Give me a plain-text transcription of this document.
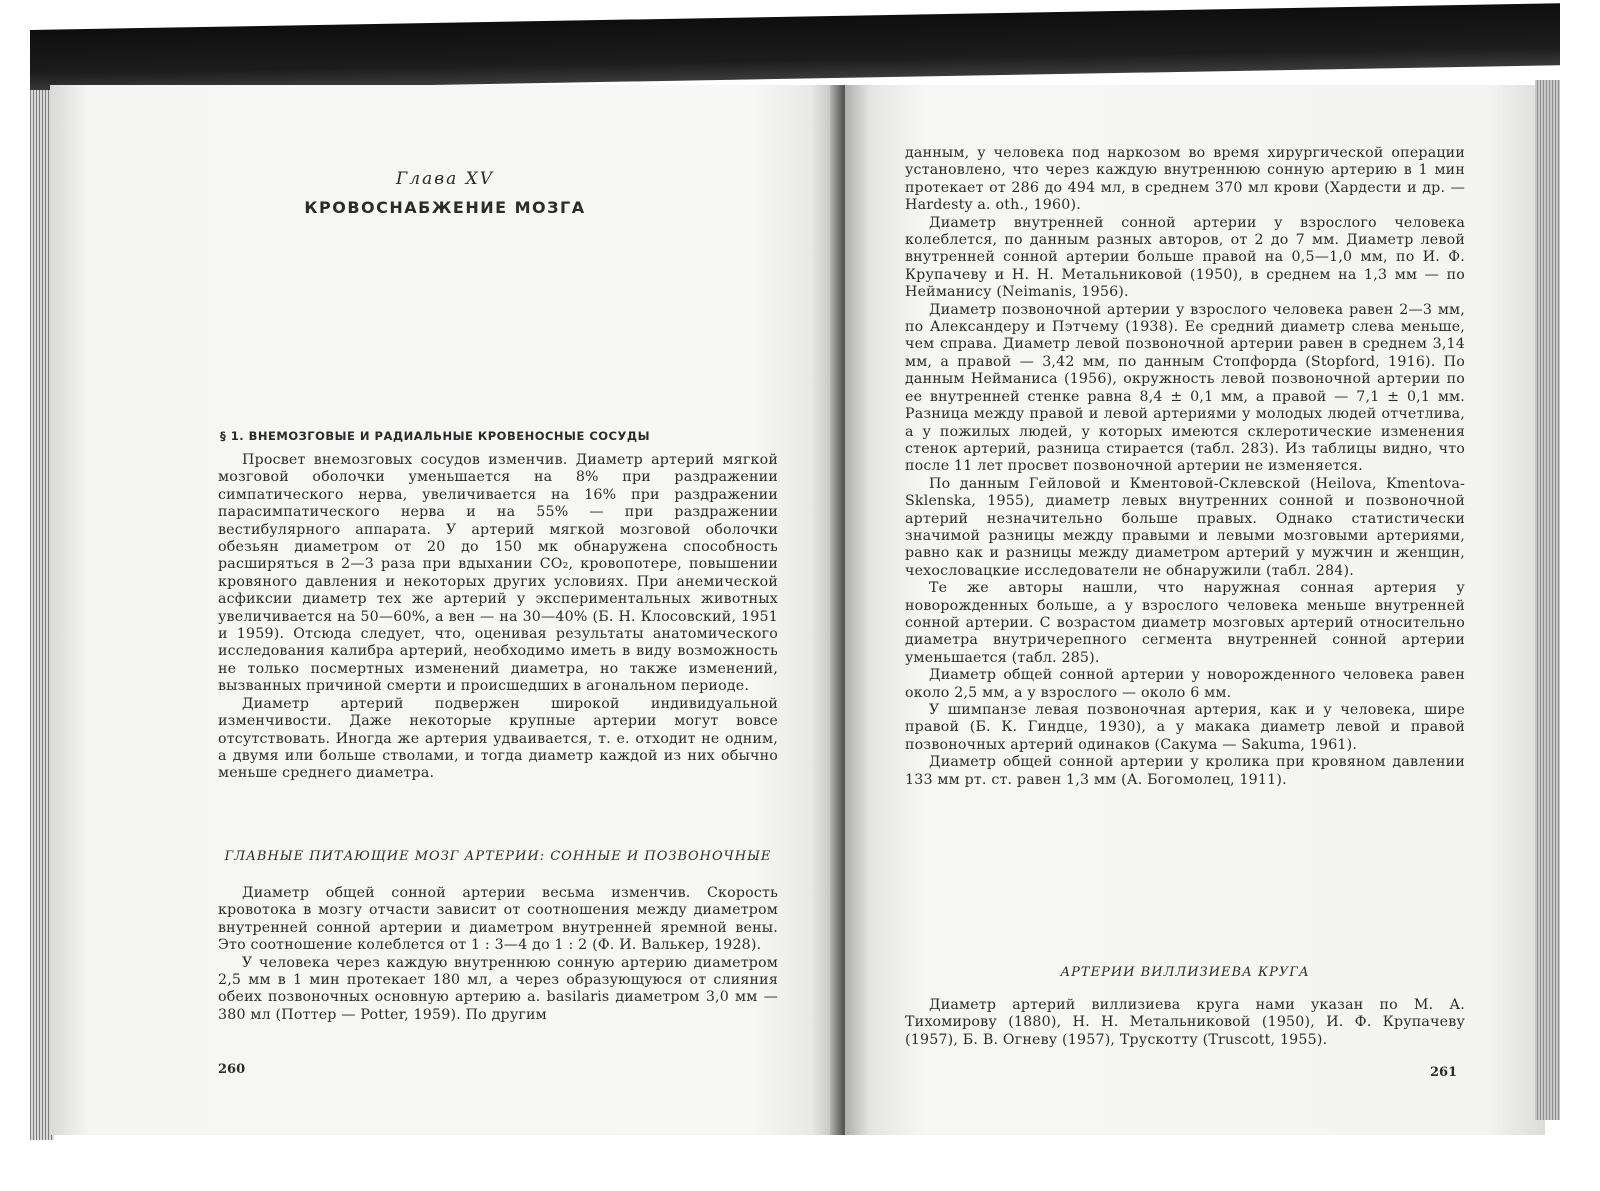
Глава XV
КРОВОСНАБЖЕНИЕ МОЗГА
§ 1. ВНЕМОЗГОВЫЕ И РАДИАЛЬНЫЕ КРОВЕНОСНЫЕ СОСУДЫ

Просвет внемозговых сосудов изменчив. Диаметр артерий мягкой мозговой оболочки уменьшается на 8% при раздражении симпатического нерва, увеличивается на 16% при раздражении парасимпатического нерва и на 55% — при раздражении вестибулярного аппарата. У артерий мягкой мозговой оболочки обезьян диаметром от 20 до 150 мк обнаружена способность расширяться в 2—3 раза при вдыхании CO₂, кровопотере, повышении кровяного давления и некоторых других условиях. При анемической асфиксии диаметр тех же артерий у экспериментальных животных увеличивается на 50—60%, а вен — на 30—40% (Б. Н. Клосовский, 1951 и 1959). Отсюда следует, что, оценивая результаты анатомического исследования калибра артерий, необходимо иметь в виду возможность не только посмертных изменений диаметра, но также изменений, вызванных причиной смерти и происшедших в агональном периоде.

Диаметр артерий подвержен широкой индивидуальной изменчивости. Даже некоторые крупные артерии могут вовсе отсутствовать. Иногда же артерия удваивается, т. е. отходит не одним, а двумя или больше стволами, и тогда диаметр каждой из них обычно меньше среднего диаметра.

ГЛАВНЫЕ ПИТАЮЩИЕ МОЗГ АРТЕРИИ: СОННЫЕ И ПОЗВОНОЧНЫЕ

Диаметр общей сонной артерии весьма изменчив. Скорость кровотока в мозгу отчасти зависит от соотношения между диаметром внутренней сонной артерии и диаметром внутренней яремной вены. Это соотношение колеблется от 1 : 3—4 до 1 : 2 (Ф. И. Валькер, 1928).

У человека через каждую внутреннюю сонную артерию диаметром 2,5 мм в 1 мин протекает 180 мл, а через образующуюся от слияния обеих позвоночных основную артерию a. basilaris диаметром 3,0 мм — 380 мл (Поттер — Potter, 1959). По другим

260

данным, у человека под наркозом во время хирургической операции установлено, что через каждую внутреннюю сонную артерию в 1 мин протекает от 286 до 494 мл, в среднем 370 мл крови (Хардести и др. — Hardesty a. oth., 1960).

Диаметр внутренней сонной артерии у взрослого человека колеблется, по данным разных авторов, от 2 до 7 мм. Диаметр левой внутренней сонной артерии больше правой на 0,5—1,0 мм, по И. Ф. Крупачеву и Н. Н. Метальниковой (1950), в среднем на 1,3 мм — по Нейманису (Neimanis, 1956).

Диаметр позвоночной артерии у взрослого человека равен 2—3 мм, по Александеру и Пэтчему (1938). Ее средний диаметр слева меньше, чем справа. Диаметр левой позвоночной артерии равен в среднем 3,14 мм, а правой — 3,42 мм, по данным Стопфорда (Stopford, 1916). По данным Нейманиса (1956), окружность левой позвоночной артерии по ее внутренней стенке равна 8,4 ± 0,1 мм, а правой — 7,1 ± 0,1 мм. Разница между правой и левой артериями у молодых людей отчетлива, а у пожилых людей, у которых имеются склеротические изменения стенок артерий, разница стирается (табл. 283). Из таблицы видно, что после 11 лет просвет позвоночной артерии не изменяется.

По данным Гейловой и Кментовой-Склевской (Heilova, Kmentova-Sklenska, 1955), диаметр левых внутренних сонной и позвоночной артерий незначительно больше правых. Однако статистически значимой разницы между правыми и левыми мозговыми артериями, равно как и разницы между диаметром артерий у мужчин и женщин, чехословацкие исследователи не обнаружили (табл. 284).

Те же авторы нашли, что наружная сонная артерия у новорожденных больше, а у взрослого человека меньше внутренней сонной артерии. С возрастом диаметр мозговых артерий относительно диаметра внутричерепного сегмента внутренней сонной артерии уменьшается (табл. 285).

Диаметр общей сонной артерии у новорожденного человека равен около 2,5 мм, а у взрослого — около 6 мм.

У шимпанзе левая позвоночная артерия, как и у человека, шире правой (Б. К. Гиндце, 1930), а у макака диаметр левой и правой позвоночных артерий одинаков (Сакума — Sakuma, 1961).

Диаметр общей сонной артерии у кролика при кровяном давлении 133 мм рт. ст. равен 1,3 мм (А. Богомолец, 1911).

АРТЕРИИ ВИЛЛИЗИЕВА КРУГА

Диаметр артерий виллизиева круга нами указан по М. А. Тихомирову (1880), Н. Н. Метальниковой (1950), И. Ф. Крупачеву (1957), Б. В. Огневу (1957), Трускотту (Truscott, 1955).

261
